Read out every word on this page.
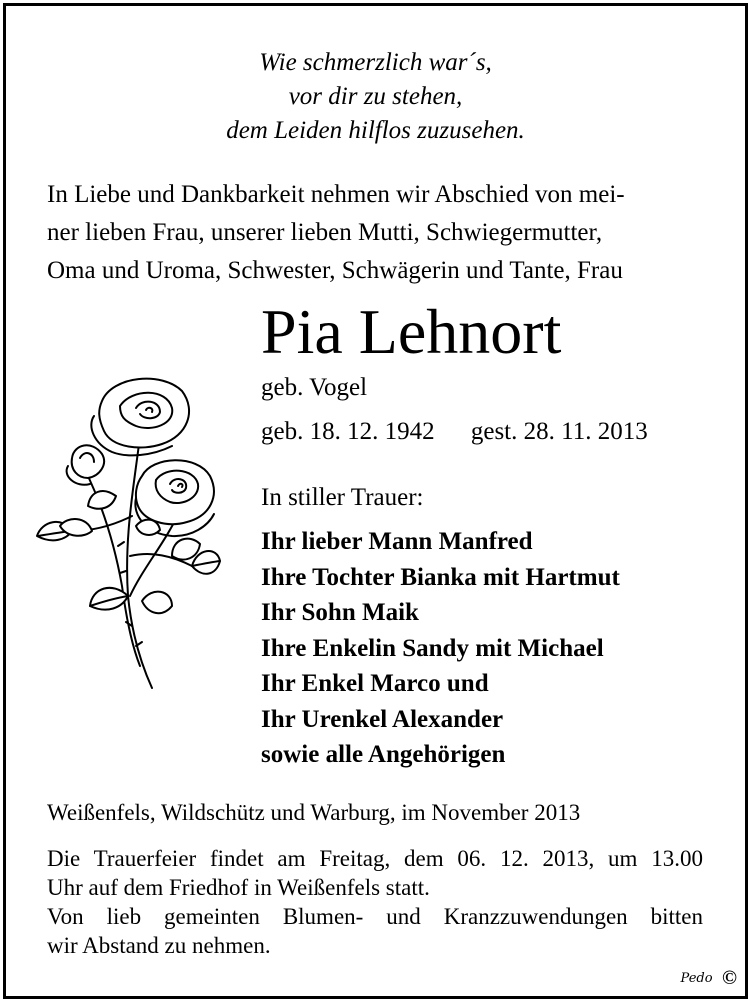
Wie schmerzlich war´s,
vor dir zu stehen,
dem Leiden hilflos zuzusehen.
In Liebe und Dankbarkeit nehmen wir Abschied von mei-
ner lieben Frau, unserer lieben Mutti, Schwiegermutter,
Oma und Uroma, Schwester, Schwägerin und Tante, Frau
Pia Lehnort
geb. Vogel
geb. 18. 12. 1942 gest. 28. 11. 2013
In stiller Trauer:
Ihr lieber Mann Manfred
Ihre Tochter Bianka mit Hartmut
Ihr Sohn Maik
Ihre Enkelin Sandy mit Michael
Ihr Enkel Marco und
Ihr Urenkel Alexander
sowie alle Angehörigen
Weißenfels, Wildschütz und Warburg, im November 2013
Die Trauerfeier findet am Freitag, dem 06. 12. 2013, um 13.00
Uhr auf dem Friedhof in Weißenfels statt.
Von lieb gemeinten Blumen- und Kranzzuwendungen bitten
wir Abstand zu nehmen.
Pedo ©
